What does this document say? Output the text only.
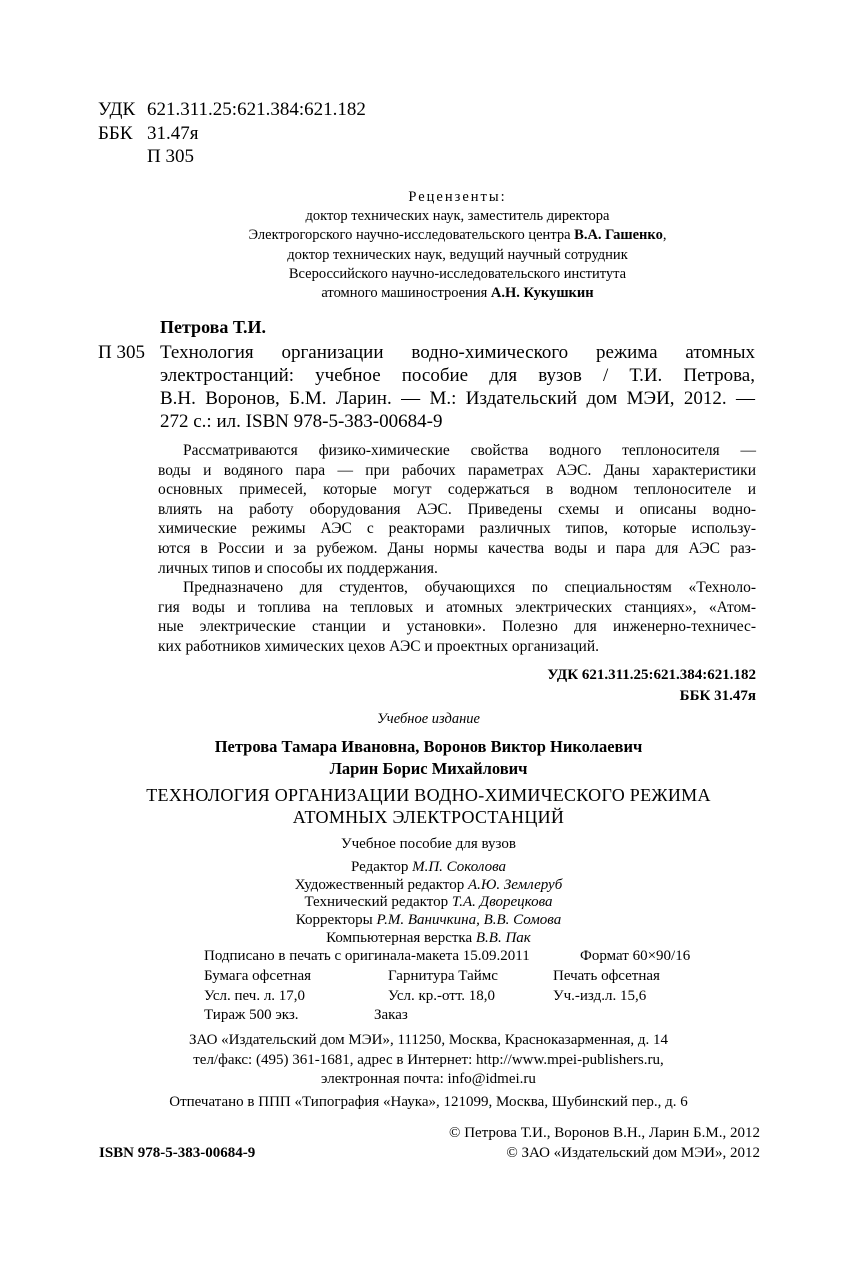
УДК 621.311.25:621.384:621.182
ББК 31.47я
П 305
Рецензенты:
доктор технических наук, заместитель директора
Электрогорского научно-исследовательского центра В.А. Гашенко,
доктор технических наук, ведущий научный сотрудник
Всероссийского научно-исследовательского института
атомного машиностроения А.Н. Кукушкин
Петрова Т.И.
П 305 Технология организации водно-химического режима атомных
электростанций: учебное пособие для вузов / Т.И. Петрова,
В.Н. Воронов, Б.М. Ларин. — М.: Издательский дом МЭИ, 2012. —
272 с.: ил. ISBN 978-5-383-00684-9
Рассматриваются физико-химические свойства водного теплоносителя —
воды и водяного пара — при рабочих параметрах АЭС. Даны характеристики
основных примесей, которые могут содержаться в водном теплоносителе и
влиять на работу оборудования АЭС. Приведены схемы и описаны водно-
химические режимы АЭС с реакторами различных типов, которые использу-
ются в России и за рубежом. Даны нормы качества воды и пара для АЭС раз-
личных типов и способы их поддержания.
Предназначено для студентов, обучающихся по специальностям «Техноло-
гия воды и топлива на тепловых и атомных электрических станциях», «Атом-
ные электрические станции и установки». Полезно для инженерно-техничес-
ких работников химических цехов АЭС и проектных организаций.
УДК 621.311.25:621.384:621.182
ББК 31.47я
Учебное издание
Петрова Тамара Ивановна, Воронов Виктор Николаевич
Ларин Борис Михайлович
ТЕХНОЛОГИЯ ОРГАНИЗАЦИИ ВОДНО-ХИМИЧЕСКОГО РЕЖИМА
АТОМНЫХ ЭЛЕКТРОСТАНЦИЙ
Учебное пособие для вузов
Редактор М.П. Соколова
Художественный редактор А.Ю. Землеруб
Технический редактор Т.А. Дворецкова
Корректоры Р.М. Ваничкина, В.В. Сомова
Компьютерная верстка В.В. Пак
Подписано в печать с оригинала-макета 15.09.2011	Формат 60×90/16
Бумага офсетная	Гарнитура Таймс	Печать офсетная
Усл. печ. л. 17,0	Усл. кр.-отт. 18,0	Уч.-изд.л. 15,6
Тираж 500 экз.	Заказ
ЗАО «Издательский дом МЭИ», 111250, Москва, Красноказарменная, д. 14
тел/факс: (495) 361-1681, адрес в Интернет: http://www.mpei-publishers.ru,
электронная почта: info@idmei.ru
Отпечатано в ППП «Типография «Наука», 121099, Москва, Шубинский пер., д. 6
© Петрова Т.И., Воронов В.Н., Ларин Б.М., 2012
© ЗАО «Издательский дом МЭИ», 2012
ISBN 978-5-383-00684-9
